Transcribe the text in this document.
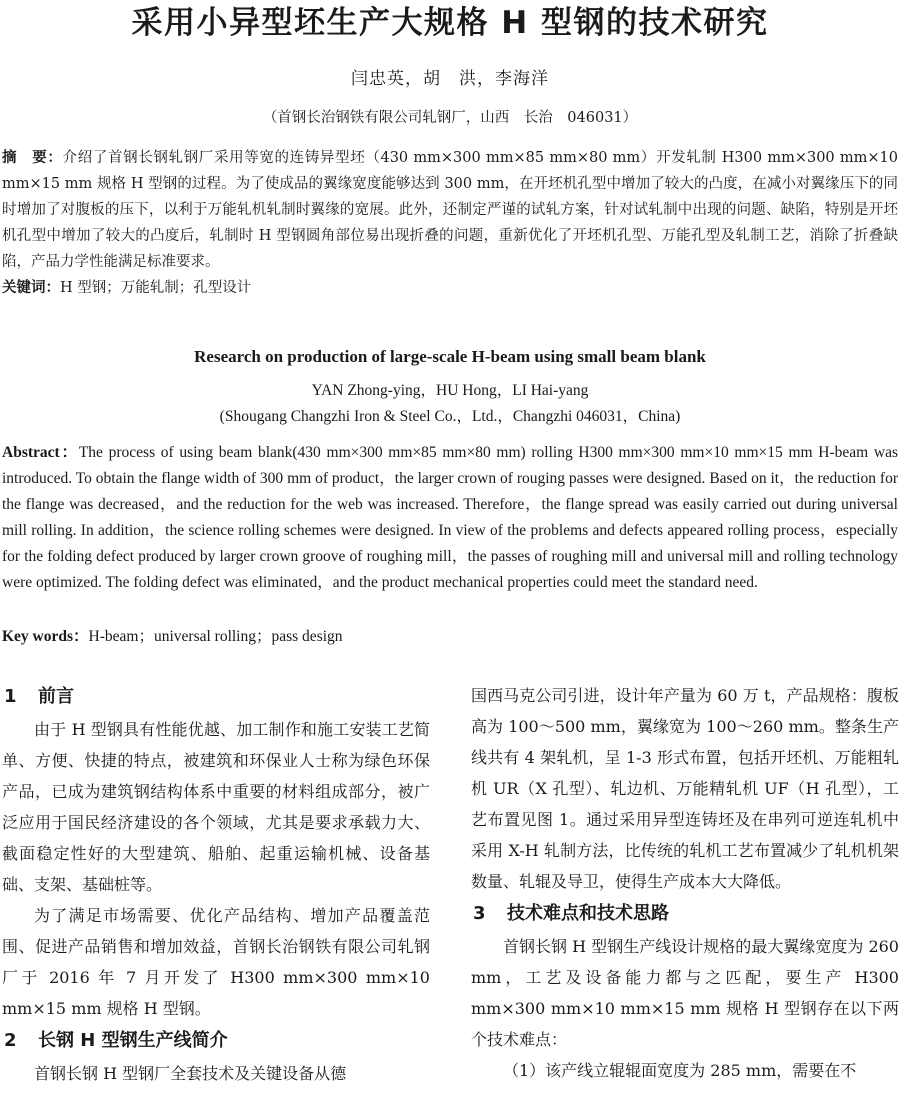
采用小异型坯生产大规格 H 型钢的技术研究
闫忠英，胡　洪，李海洋
（首钢长治钢铁有限公司轧钢厂，山西　长治　046031）
摘　要：介绍了首钢长钢轧钢厂采用等宽的连铸异型坯（430 mm×300 mm×85 mm×80 mm）开发轧制 H300 mm×300 mm×10 mm×15 mm 规格 H 型钢的过程。为了使成品的翼缘宽度能够达到 300 mm，在开坯机孔型中增加了较大的凸度，在减小对翼缘压下的同时增加了对腹板的压下，以利于万能轧机轧制时翼缘的宽展。此外，还制定严谨的试轧方案，针对试轧制中出现的问题、缺陷，特别是开坯机孔型中增加了较大的凸度后，轧制时 H 型钢圆角部位易出现折叠的问题，重新优化了开坯机孔型、万能孔型及轧制工艺，消除了折叠缺陷，产品力学性能满足标准要求。
关键词：H 型钢；万能轧制；孔型设计
Research on production of large-scale H-beam using small beam blank
YAN Zhong-ying，HU Hong，LI Hai-yang
(Shougang Changzhi Iron & Steel Co.，Ltd.，Changzhi 046031，China)
Abstract：The process of using beam blank(430 mm×300 mm×85 mm×80 mm) rolling H300 mm×300 mm×10 mm×15 mm H-beam was introduced. To obtain the flange width of 300 mm of product，the larger crown of rouging passes were designed. Based on it，the reduction for the flange was decreased，and the reduction for the web was increased. Therefore，the flange spread was easily carried out during universal mill rolling. In addition，the science rolling schemes were designed. In view of the problems and defects appeared rolling process，especially for the folding defect produced by larger crown groove of roughing mill，the passes of roughing mill and universal mill and rolling technology were optimized. The folding defect was eliminated，and the product mechanical properties could meet the standard need.
Key words：H-beam；universal rolling；pass design
1 前言

由于 H 型钢具有性能优越、加工制作和施工安装工艺简单、方便、快捷的特点，被建筑和环保业人士称为绿色环保产品，已成为建筑钢结构体系中重要的材料组成部分，被广泛应用于国民经济建设的各个领域，尤其是要求承载力大、截面稳定性好的大型建筑、船舶、起重运输机械、设备基础、支架、基础桩等。

为了满足市场需要、优化产品结构、增加产品覆盖范围、促进产品销售和增加效益，首钢长治钢铁有限公司轧钢厂于 2016 年 7 月开发了 H300 mm×300 mm×10 mm×15 mm 规格 H 型钢。

2 长钢 H 型钢生产线简介

首钢长钢 H 型钢厂全套技术及关键设备从德

国西马克公司引进，设计年产量为 60 万 t，产品规格：腹板高为 100～500 mm，翼缘宽为 100～260 mm。整条生产线共有 4 架轧机，呈 1-3 形式布置，包括开坯机、万能粗轧机 UR（X 孔型）、轧边机、万能精轧机 UF（H 孔型），工艺布置见图 1。通过采用异型连铸坯及在串列可逆连轧机中采用 X-H 轧制方法，比传统的轧机工艺布置减少了轧机机架数量、轧辊及导卫，使得生产成本大大降低。

3 技术难点和技术思路

首钢长钢 H 型钢生产线设计规格的最大翼缘宽度为 260 mm，工艺及设备能力都与之匹配，要生产 H300 mm×300 mm×10 mm×15 mm 规格 H 型钢存在以下两个技术难点：

（1）该产线立辊辊面宽度为 285 mm，需要在不
